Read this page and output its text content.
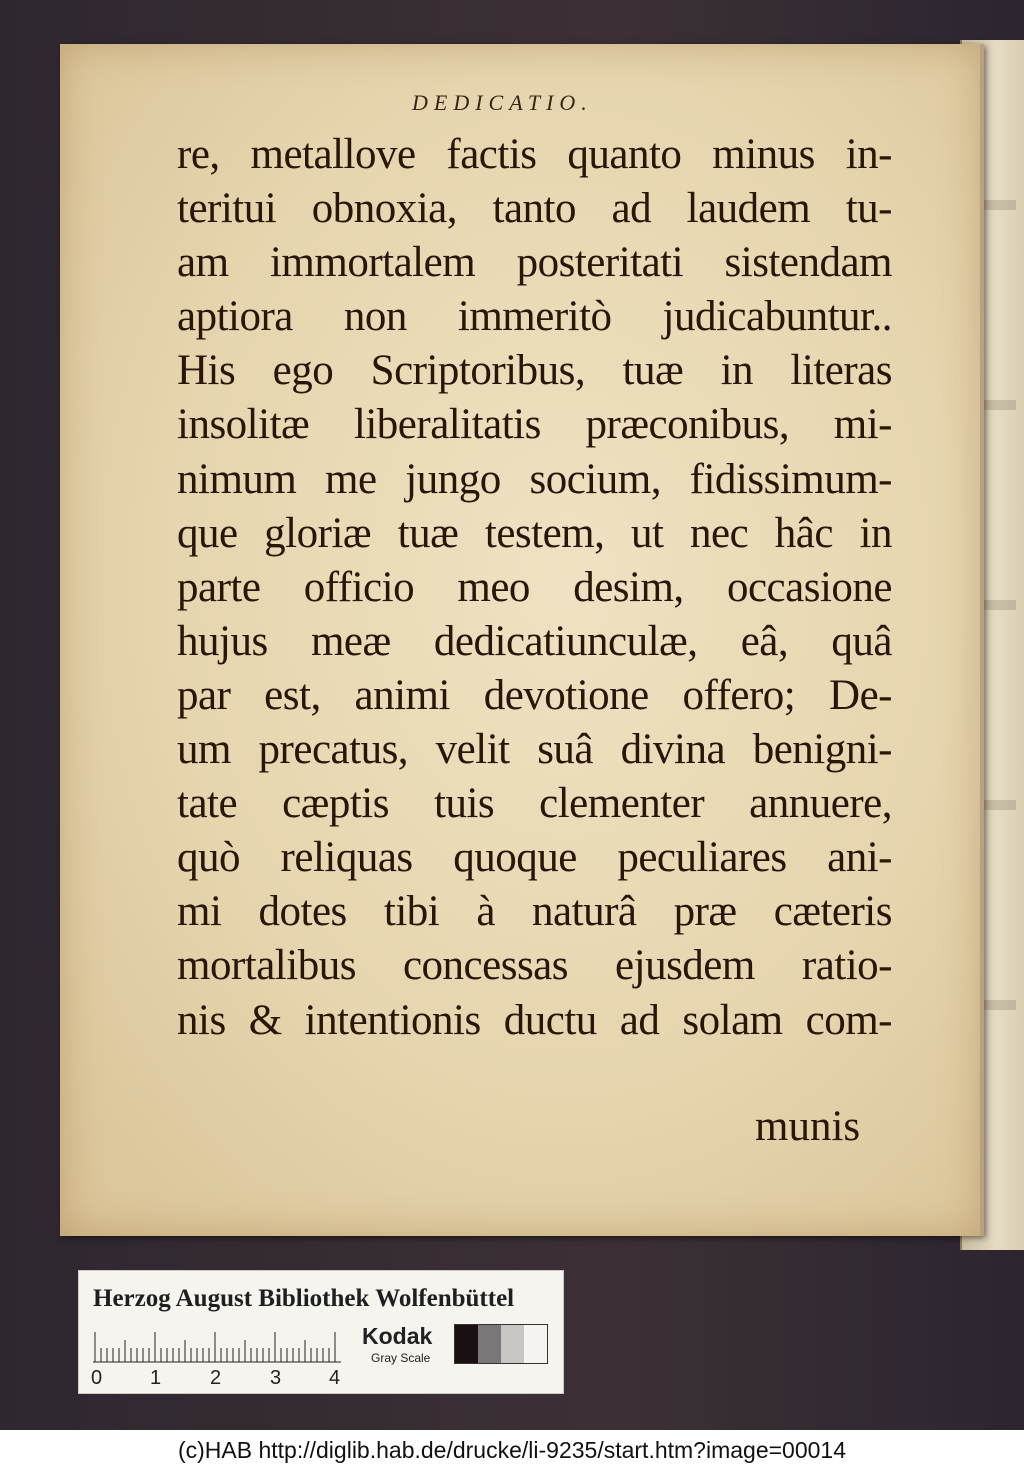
DEDICATIO.
re, metallove factis quanto minus in-
teritui obnoxia, tanto ad laudem tu-
am immortalem posteritati sistendam
aptiora non immeritò judicabuntur..
His ego Scriptoribus, tuæ in literas
insolitæ liberalitatis præconibus, mi-
nimum me jungo socium, fidissimum-
que gloriæ tuæ testem, ut nec hâc in
parte officio meo desim, occasione
hujus meæ dedicatiunculæ, eâ, quâ
par est, animi devotione offero; De-
um precatus, velit suâ divina benigni-
tate cæptis tuis clementer annuere,
quò reliquas quoque peculiares ani-
mi dotes tibi à naturâ præ cæteris
mortalibus concessas ejusdem ratio-
nis & intentionis ductu ad solam com-
munis
Herzog August Bibliothek Wolfenbüttel
0 1 2 3 4
Kodak
Gray Scale
(c)HAB http://diglib.hab.de/drucke/li-9235/start.htm?image=00014
